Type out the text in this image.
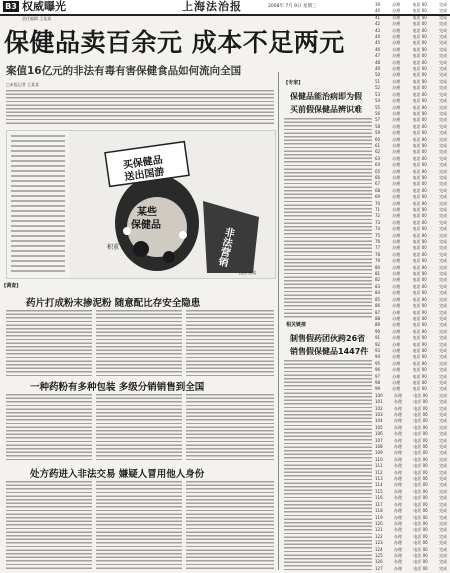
B3 权威曝光	上海法治报	2008年 7月 9日 星期三
责任编辑 王某某
保健品卖百余元 成本不足两元
案值16亿元的非法有毒有害保健食品如何流向全国
□本报记者 王某某
买保健品
送出国游
某些
保健品
积重	非法营销
漫画 顾某
[调查]
药片打成粉末掺泥粉 随意配比存安全隐患
一种药粉有多种包装 多级分销销售到全国
处方药进入非法交易 嫌疑人冒用他人身份
[专家]
保健品能治病即为假
买前假保健品辨识难
相关链接
制售假药团伙跨26省
销售假保健品1447件
39	办理	电话 00	完成
40	办理	电话 00	完成
41	办理	电话 00	完成
42	办理	电话 00	完成
43	办理	电话 00	完成
44	办理	电话 00	完成
45	办理	电话 00	完成
46	办理	电话 00	完成
47	办理	电话 00	完成
48	办理	电话 00	完成
49	办理	电话 00	完成
50	办理	电话 00	完成
51	办理	电话 00	完成
52	办理	电话 00	完成
53	办理	电话 00	完成
54	办理	电话 00	完成
55	办理	电话 00	完成
56	办理	电话 00	完成
57	办理	电话 00	完成
58	办理	电话 00	完成
59	办理	电话 00	完成
60	办理	电话 00	完成
61	办理	电话 00	完成
62	办理	电话 00	完成
63	办理	电话 00	完成
64	办理	电话 00	完成
65	办理	电话 00	完成
66	办理	电话 00	完成
67	办理	电话 00	完成
68	办理	电话 00	完成
69	办理	电话 00	完成
70	办理	电话 00	完成
71	办理	电话 00	完成
72	办理	电话 00	完成
73	办理	电话 00	完成
74	办理	电话 00	完成
75	办理	电话 00	完成
76	办理	电话 00	完成
77	办理	电话 00	完成
78	办理	电话 00	完成
79	办理	电话 00	完成
80	办理	电话 00	完成
81	办理	电话 00	完成
82	办理	电话 00	完成
83	办理	电话 00	完成
84	办理	电话 00	完成
85	办理	电话 00	完成
86	办理	电话 00	完成
87	办理	电话 00	完成
88	办理	电话 00	完成
89	办理	电话 00	完成
90	办理	电话 00	完成
91	办理	电话 00	完成
92	办理	电话 00	完成
93	办理	电话 00	完成
94	办理	电话 00	完成
95	办理	电话 00	完成
96	办理	电话 00	完成
97	办理	电话 00	完成
98	办理	电话 00	完成
99	办理	电话 00	完成
100	办理	电话 00	完成
101	办理	电话 00	完成
102	办理	电话 00	完成
103	办理	电话 00	完成
104	办理	电话 00	完成
105	办理	电话 00	完成
106	办理	电话 00	完成
107	办理	电话 00	完成
108	办理	电话 00	完成
109	办理	电话 00	完成
110	办理	电话 00	完成
111	办理	电话 00	完成
112	办理	电话 00	完成
113	办理	电话 00	完成
114	办理	电话 00	完成
115	办理	电话 00	完成
116	办理	电话 00	完成
117	办理	电话 00	完成
118	办理	电话 00	完成
119	办理	电话 00	完成
120	办理	电话 00	完成
121	办理	电话 00	完成
122	办理	电话 00	完成
123	办理	电话 00	完成
124	办理	电话 00	完成
125	办理	电话 00	完成
126	办理	电话 00	完成
127	办理	电话 00	完成
